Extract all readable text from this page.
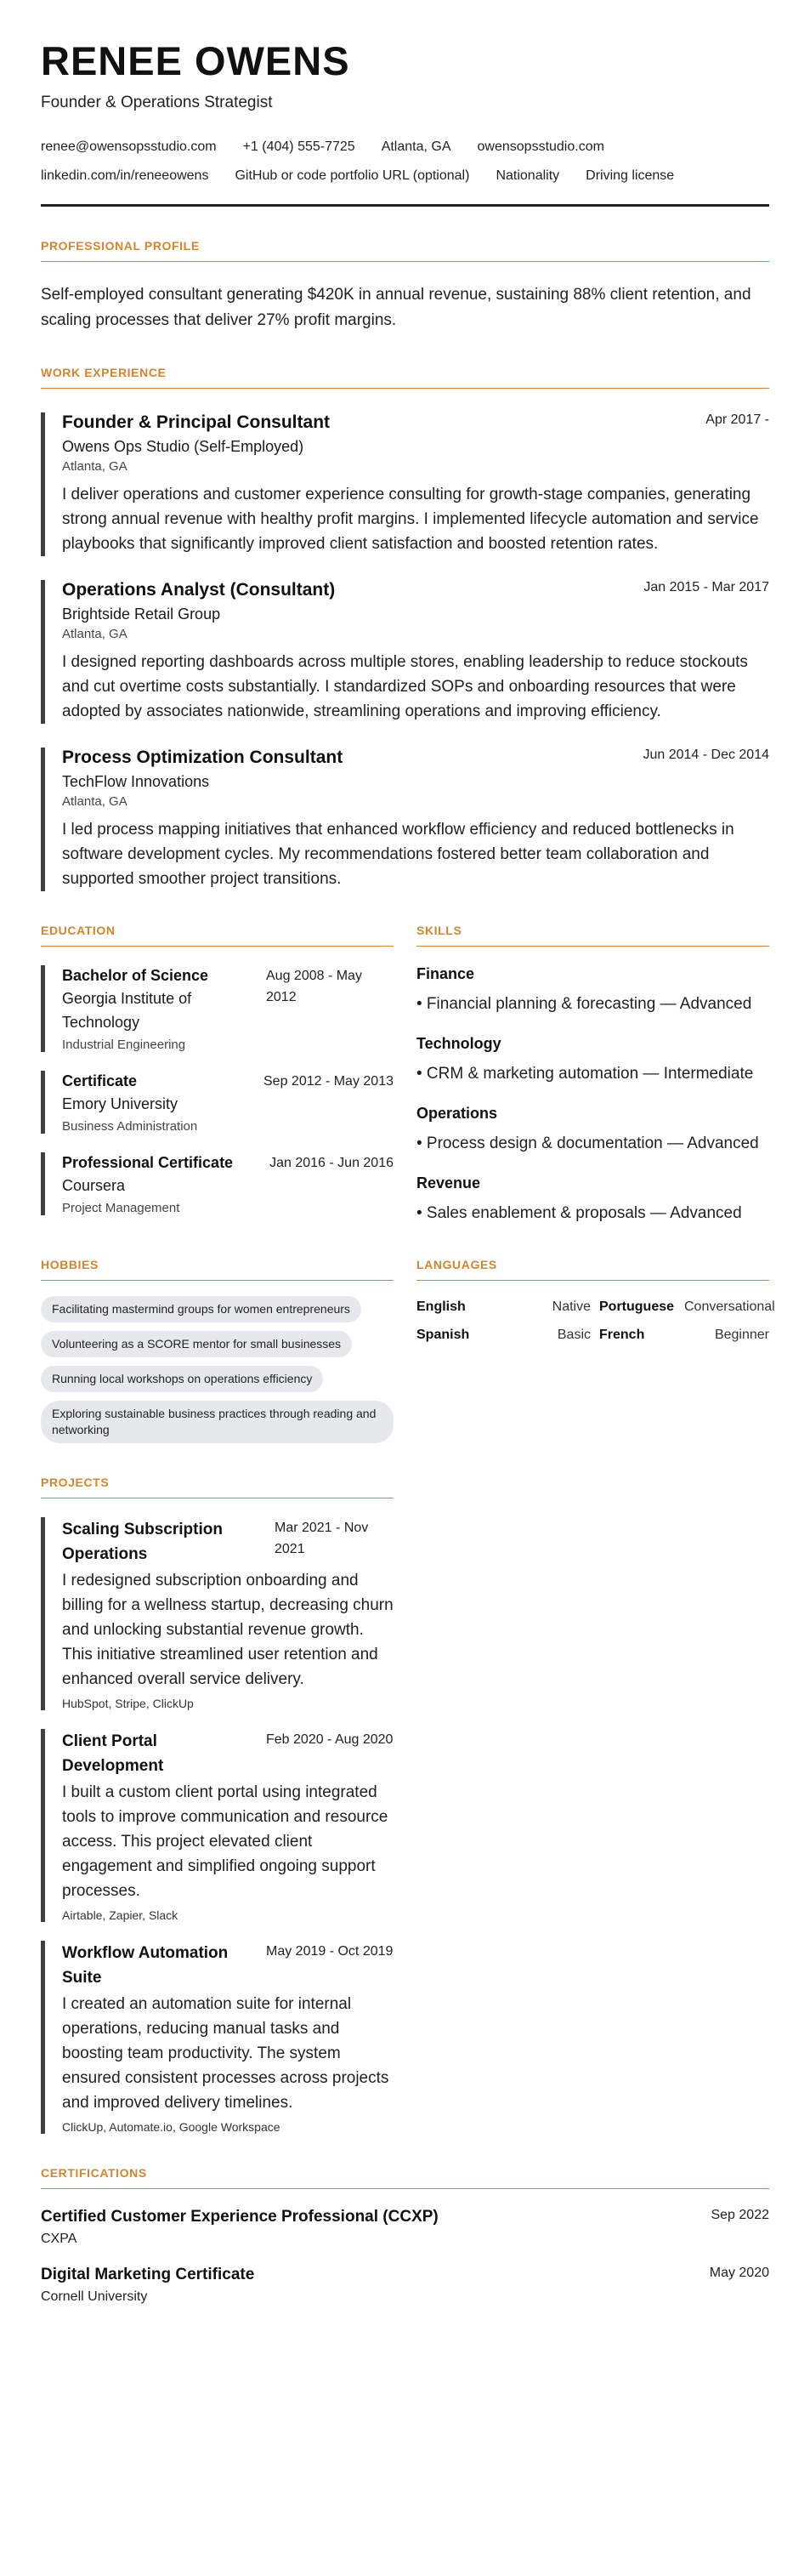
RENEE OWENS
Founder & Operations Strategist
renee@owensopsstudio.com +1 (404) 555-7725 Atlanta, GA owensopsstudio.com
linkedin.com/in/reneeowens GitHub or code portfolio URL (optional) Nationality Driving license
PROFESSIONAL PROFILE
Self-employed consultant generating $420K in annual revenue, sustaining 88% client retention, and scaling processes that deliver 27% profit margins.
WORK EXPERIENCE
Founder & Principal Consultant	Apr 2017 -
Owens Ops Studio (Self-Employed)
Atlanta, GA
I deliver operations and customer experience consulting for growth-stage companies, generating strong annual revenue with healthy profit margins. I implemented lifecycle automation and service playbooks that significantly improved client satisfaction and boosted retention rates.
Operations Analyst (Consultant)	Jan 2015 - Mar 2017
Brightside Retail Group
Atlanta, GA
I designed reporting dashboards across multiple stores, enabling leadership to reduce stockouts and cut overtime costs substantially. I standardized SOPs and onboarding resources that were adopted by associates nationwide, streamlining operations and improving efficiency.
Process Optimization Consultant	Jun 2014 - Dec 2014
TechFlow Innovations
Atlanta, GA
I led process mapping initiatives that enhanced workflow efficiency and reduced bottlenecks in software development cycles. My recommendations fostered better team collaboration and supported smoother project transitions.
EDUCATION
Bachelor of Science
Georgia Institute of Technology
Aug 2008 - May 2012
Industrial Engineering
Certificate	Sep 2012 - May 2013
Emory University
Business Administration
Professional Certificate	Jan 2016 - Jun 2016
Coursera
Project Management
SKILLS
Finance
• Financial planning & forecasting — Advanced
Technology
• CRM & marketing automation — Intermediate
Operations
• Process design & documentation — Advanced
Revenue
• Sales enablement & proposals — Advanced
HOBBIES
Facilitating mastermind groups for women entrepreneurs
Volunteering as a SCORE mentor for small businesses
Running local workshops on operations efficiency
Exploring sustainable business practices through reading and networking
LANGUAGES
English	Native Portuguese Conversational
Spanish	Basic French	Beginner
PROJECTS
Scaling Subscription Operations
Mar 2021 - Nov 2021
I redesigned subscription onboarding and billing for a wellness startup, decreasing churn and unlocking substantial revenue growth. This initiative streamlined user retention and enhanced overall service delivery.
HubSpot, Stripe, ClickUp
Client Portal Development
Feb 2020 - Aug 2020
I built a custom client portal using integrated tools to improve communication and resource access. This project elevated client engagement and simplified ongoing support processes.
Airtable, Zapier, Slack
Workflow Automation Suite
May 2019 - Oct 2019
I created an automation suite for internal operations, reducing manual tasks and boosting team productivity. The system ensured consistent processes across projects and improved delivery timelines.
ClickUp, Automate.io, Google Workspace
CERTIFICATIONS
Certified Customer Experience Professional (CCXP)	Sep 2022
CXPA
Digital Marketing Certificate	May 2020
Cornell University
